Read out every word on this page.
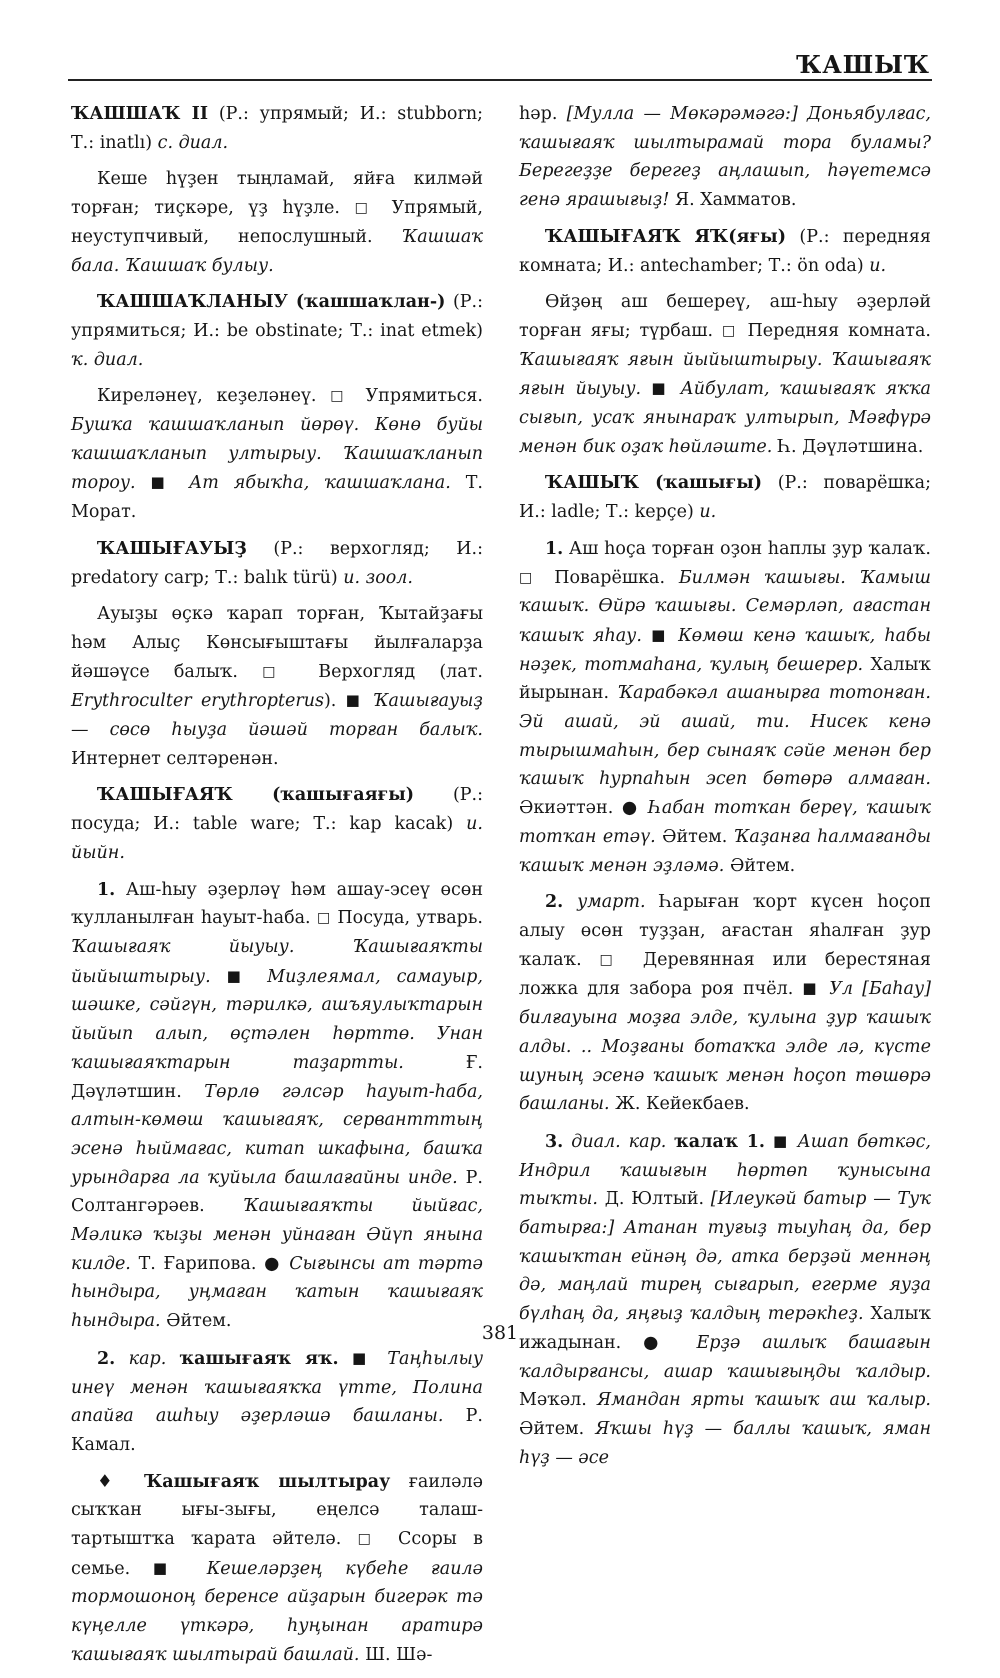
ҠАШЫҠ

ҠАШШАҠ II (Р.: упрямый; И.: stubborn; Т.: inatlı) с. диал.

Кеше һүҙен тыңламай, яйға килмәй торған; тиҫкәре, үҙ һүҙле. □ Упрямый, неуступчивый, непослушный. Ҡашшаҡ бала. Ҡашшаҡ булыу.

ҠАШШАҠЛАНЫУ (ҡашшаҡлан-) (Р.: упрямиться; И.: be obstinate; Т.: inat etmek) ҡ. диал.

Киреләнеү, кеҙеләнеү. □ Упрямиться. Бушҡа ҡашшаҡланып йөрөү. Көнө буйы ҡашшаҡланып ултырыу. Ҡашшаҡланып тороу. ■ Ат ябыҡһа, ҡашшаҡлана. Т. Морат.

ҠАШЫҒАУЫҘ (Р.: верхогляд; И.: predatory carp; Т.: balık türü) и. зоол.

Ауыҙы өҫкә ҡарап торған, Ҡытайҙағы һәм Алыҫ Көнсығыштағы йылғаларҙа йәшәүсе балыҡ. □ Верхогляд (лат. Erythroculter erythropterus). ■ Ҡашығауыҙ — сөсө һыуҙа йәшәй торған балыҡ. Интернет селтәренән.

ҠАШЫҒАЯҠ (ҡашығаяғы) (Р.: посуда; И.: table ware; Т.: kap kacak) и. йыйн.

1. Аш-һыу әҙерләү һәм ашау-эсеү өсөн ҡулланылған һауыт-һаба. □ Посуда, утварь. Ҡашығаяҡ йыуыу. Ҡашығаяҡты йыйыштырыу. ■ Миҙлеямал, самауыр, шәшке, сәйгүн, тәрилкә, ашъяулыҡтарын йыйып алып, өҫтәлен һөрттө. Унан ҡашығаяҡтарын таҙартты.	Ғ. Дәүләтшин. Төрлө гәлсәр һауыт-һаба, алтын-көмөш ҡашығаяҡ, сервантттың эсенә һыймағас, китап шкафына, башҡа урындарға ла ҡуйыла башлағайны инде. Р. Солтангәрәев. Ҡашығаяҡты йыйғас, Мәликә ҡыҙы менән уйнаған Әйүп янына килде. Т. Ғарипова. ● Сығынсы ат тәртә һындыра, уңмаған ҡатын ҡашығаяҡ һындыра. Әйтем.

2. кар. ҡашығаяҡ яҡ. ■ Таңһылыу инеү менән ҡашығаяҡҡа үтте, Полина апайға ашһыу әҙерләшә башланы. Р. Камал.

♦ Ҡашығаяҡ шылтырау ғаиләлә сыҡҡан ығы-зығы, еңелсә талаш-тартыштҡа ҡарата әйтелә. □ Ссоры в семье. ■ Кешеләрҙең күбеһе ғаилә тормошоноң беренсе айҙарын бигерәк тә күңелле үткәрә, һуңынан аратирә ҡашығаяҡ шылтырай башлай. Ш. Шә-

һәр. [Мулла — Мөкәрәмәгә:] Доньябулғас, ҡашығаяҡ шылтырамай тора буламы? Берегеҙҙе берегеҙ аңлашып, һәүетемсә генә ярашығыҙ! Я. Хамматов.

ҠАШЫҒАЯҠ ЯҠ(яғы) (Р.: передняя комната; И.: antechamber; Т.: ön oda) и.

Өйҙөң аш бешереү, аш-һыу әҙерләй торған яғы; түрбаш. □ Передняя комната. Ҡашығаяҡ яғын йыйыштырыу. Ҡашығаяҡ яғын йыуыу. ■ Айбулат, ҡашығаяҡ яҡҡа сығып, усаҡ янынараҡ ултырып, Мәғфүрә менән бик оҙаҡ һөйләште. Һ. Дәүләтшина.

ҠАШЫҠ (ҡашығы) (Р.: поварёшка; И.: ladle; Т.: kepçe) и.

1. Аш һоҫа торған оҙон һаплы ҙур ҡалаҡ. □ Поварёшка. Билмән ҡашығы. Ҡамыш ҡашыҡ. Өйрә ҡашығы. Семәрләп, ағастан ҡашыҡ яһау. ■ Көмөш кенә ҡашыҡ, һабы нәҙек, тотмаһана, ҡулың бешерер. Халыҡ йырынан. Ҡарабәкәл ашанырға тотонған. Эй ашай, эй ашай, ти. Нисек кенә тырышмаһын, бер сынаяҡ сәйе менән бер ҡашыҡ һурпаһын эсеп бөтөрә алмаған. Әкиәттән. ● Һабан тотҡан береү, ҡашыҡ тотҡан етәү. Әйтем. Ҡаҙанға һалмағанды ҡашыҡ менән эҙләмә. Әйтем.

2. умарт. Һарыған ҡорт күсен һоҫоп алыу өсөн туҙҙан, ағастан яһалған ҙур ҡалаҡ. □ Деревянная или берестяная ложка для забора роя пчёл. ■ Ул [Баһау] билғауына моҙға элде, ҡулына ҙур ҡашыҡ алды. .. Моҙғаны ботаҡҡа элде лә, күсте шуның эсенә ҡашыҡ менән һоҫоп төшөрә башланы. Ж. Кейекбаев.

3. диал. кар. ҡалаҡ 1. ■ Ашап бөткәс, Индрил ҡашығын һөртөп ҡунысына тыҡты. Д. Юлтый. [Илеукәй батыр — Туҡ батырға:] Атанан туғыҙ тыуһаң да, бер ҡашыҡтан ейнәң дә, атка берҙәй меннәң дә, маңлай тирең сығарып, егерме яуҙа бүлһаң да, яңғыҙ ҡалдың терәкһеҙ. Халыҡ ижадынан. ● Ерҙә ашлыҡ башағын ҡалдырғансы, ашар ҡашығыңды ҡалдыр. Мәҡәл. Ямандан ярты ҡашыҡ аш ҡалыр. Әйтем. Яҡшы һүҙ — баллы ҡашыҡ, яман һүҙ — әсе

381
